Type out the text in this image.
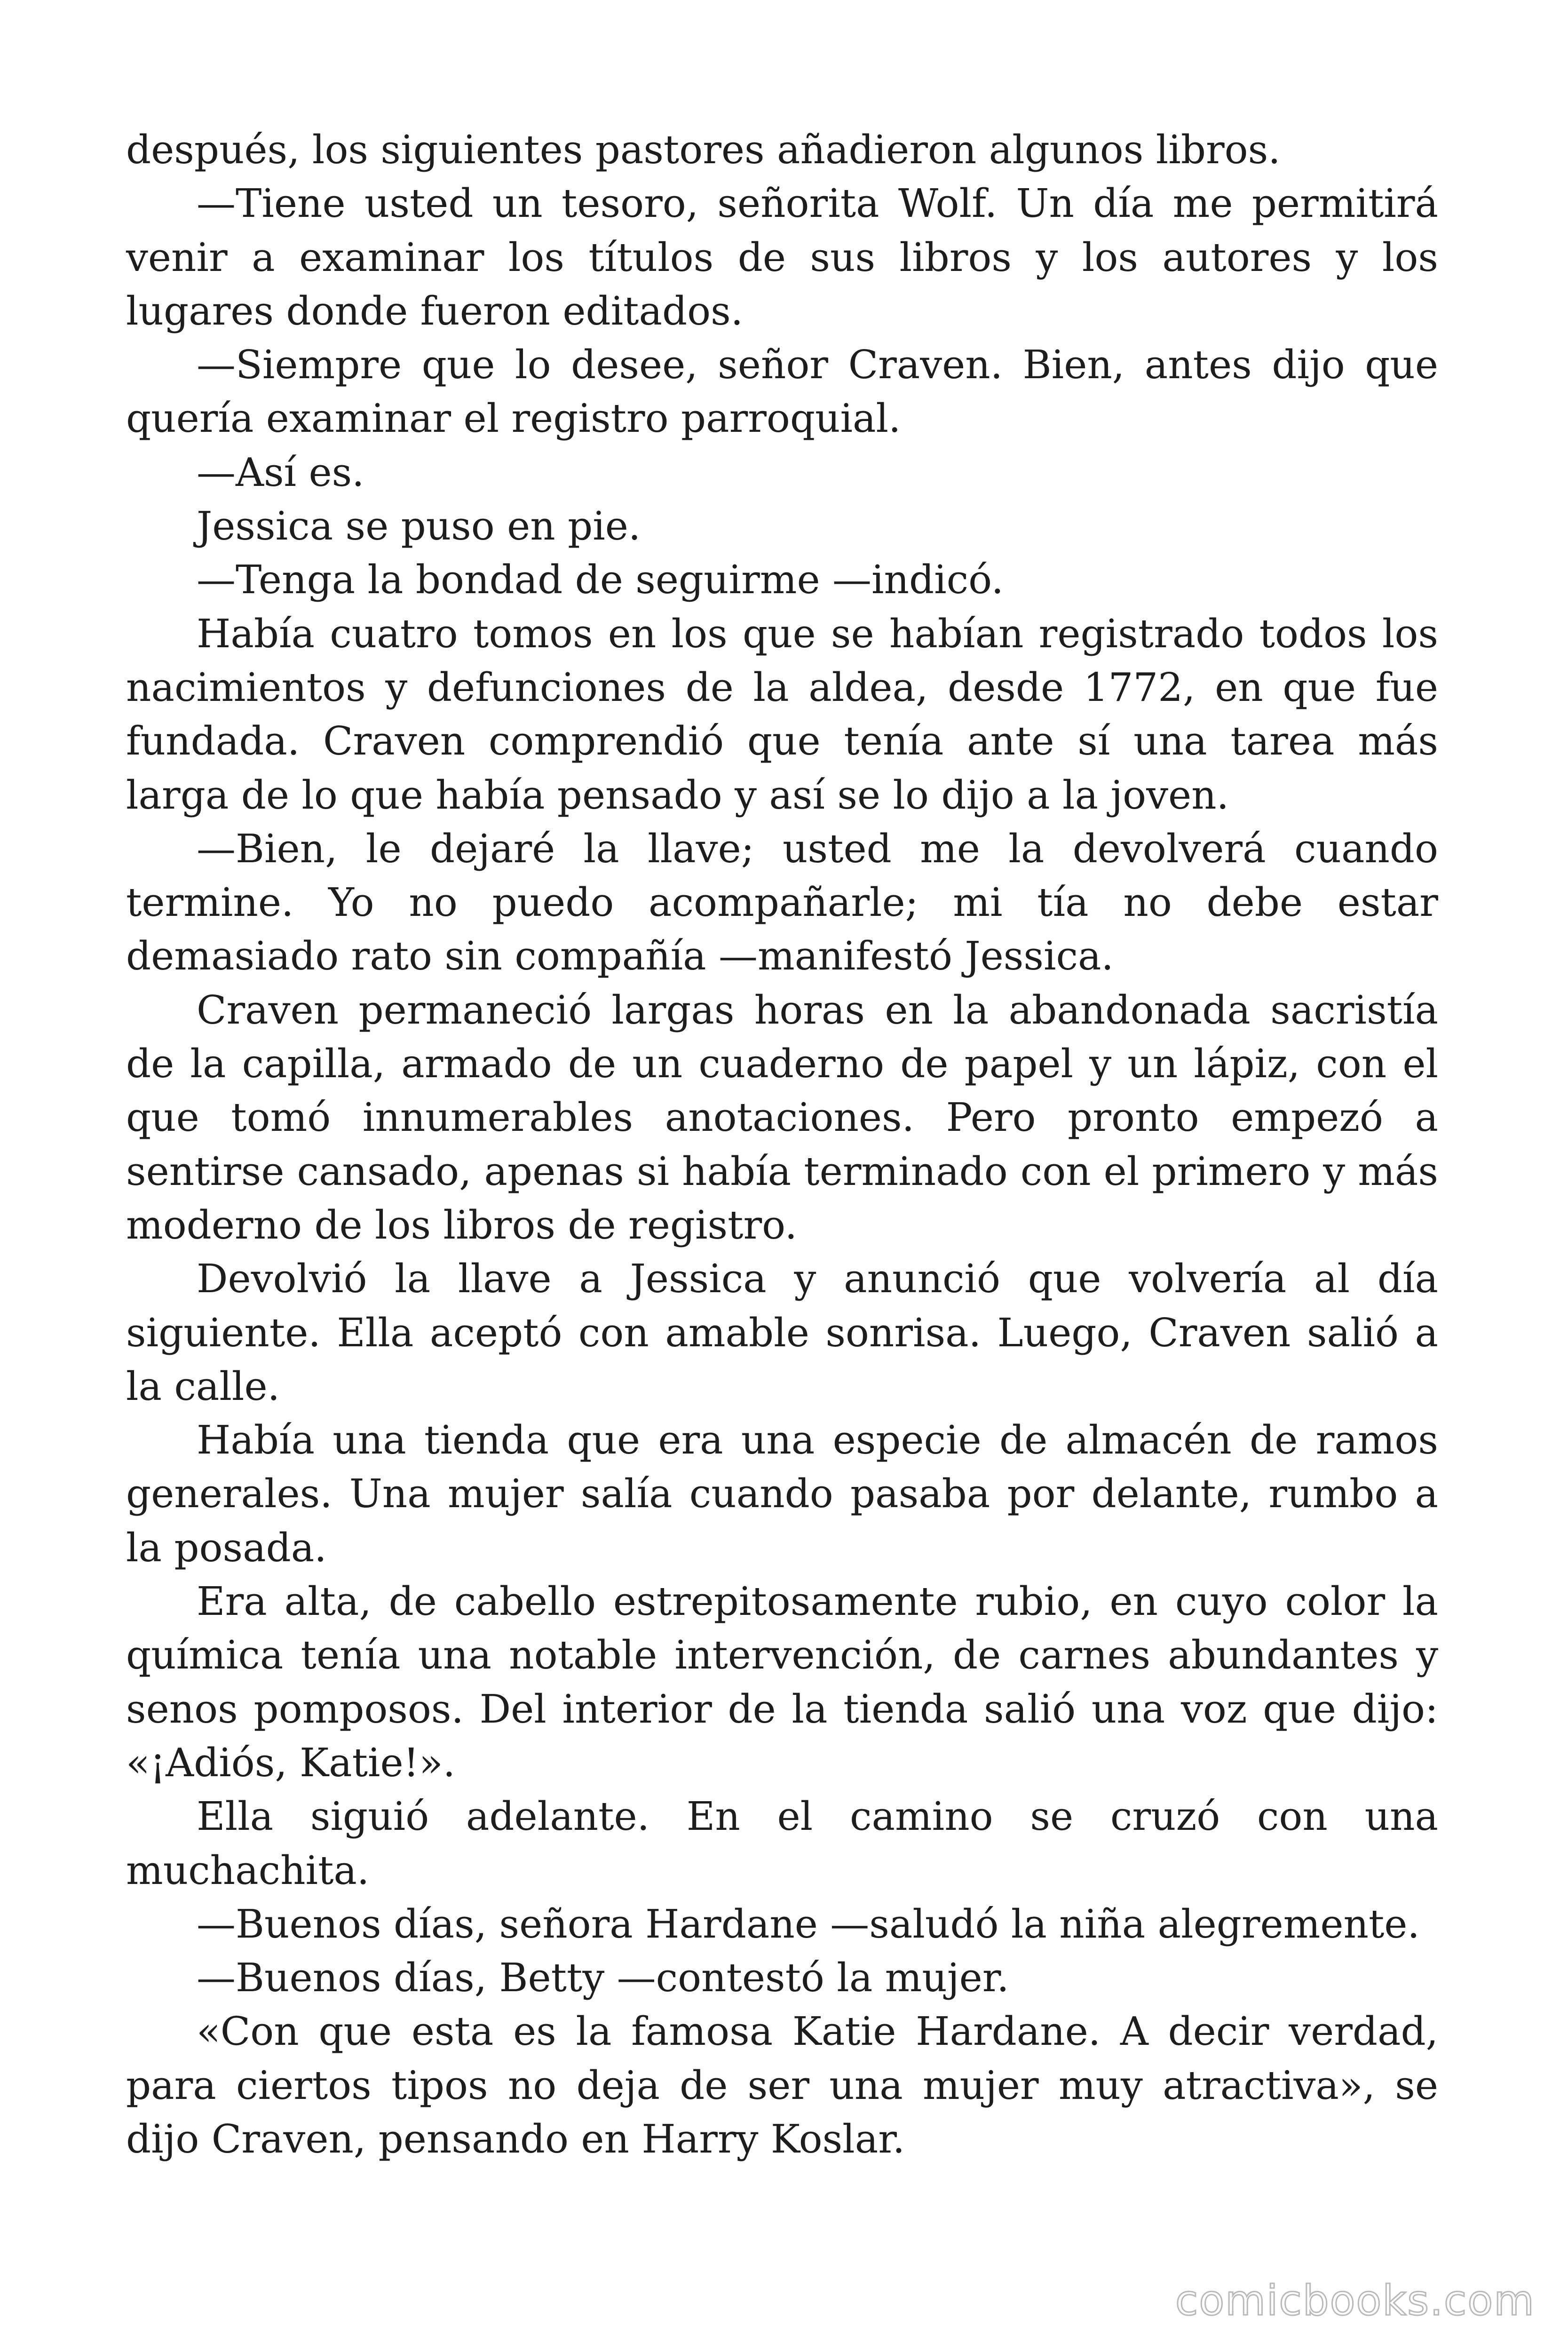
después, los siguientes pastores añadieron algunos libros.

—Tiene usted un tesoro, señorita Wolf. Un día me permitirá venir a examinar los títulos de sus libros y los autores y los lugares donde fueron editados.

—Siempre que lo desee, señor Craven. Bien, antes dijo que quería examinar el registro parroquial.

—Así es.

Jessica se puso en pie.

—Tenga la bondad de seguirme —indicó.

Había cuatro tomos en los que se habían registrado todos los nacimientos y defunciones de la aldea, desde 1772, en que fue fundada. Craven comprendió que tenía ante sí una tarea más larga de lo que había pensado y así se lo dijo a la joven.

—Bien, le dejaré la llave; usted me la devolverá cuando termine. Yo no puedo acompañarle; mi tía no debe estar demasiado rato sin compañía —manifestó Jessica.

Craven permaneció largas horas en la abandonada sacristía de la capilla, armado de un cuaderno de papel y un lápiz, con el que tomó innumerables anotaciones. Pero pronto empezó a sentirse cansado, apenas si había terminado con el primero y más moderno de los libros de registro.

Devolvió la llave a Jessica y anunció que volvería al día siguiente. Ella aceptó con amable sonrisa. Luego, Craven salió a la calle.

Había una tienda que era una especie de almacén de ramos generales. Una mujer salía cuando pasaba por delante, rumbo a la posada.

Era alta, de cabello estrepitosamente rubio, en cuyo color la química tenía una notable intervención, de carnes abundantes y senos pomposos. Del interior de la tienda salió una voz que dijo: «¡Adiós, Katie!».

Ella siguió adelante. En el camino se cruzó con una muchachita.

—Buenos días, señora Hardane —saludó la niña alegremente.

—Buenos días, Betty —contestó la mujer.

«Con que esta es la famosa Katie Hardane. A decir verdad, para ciertos tipos no deja de ser una mujer muy atractiva», se dijo Craven, pensando en Harry Koslar.

comicbooks.com
